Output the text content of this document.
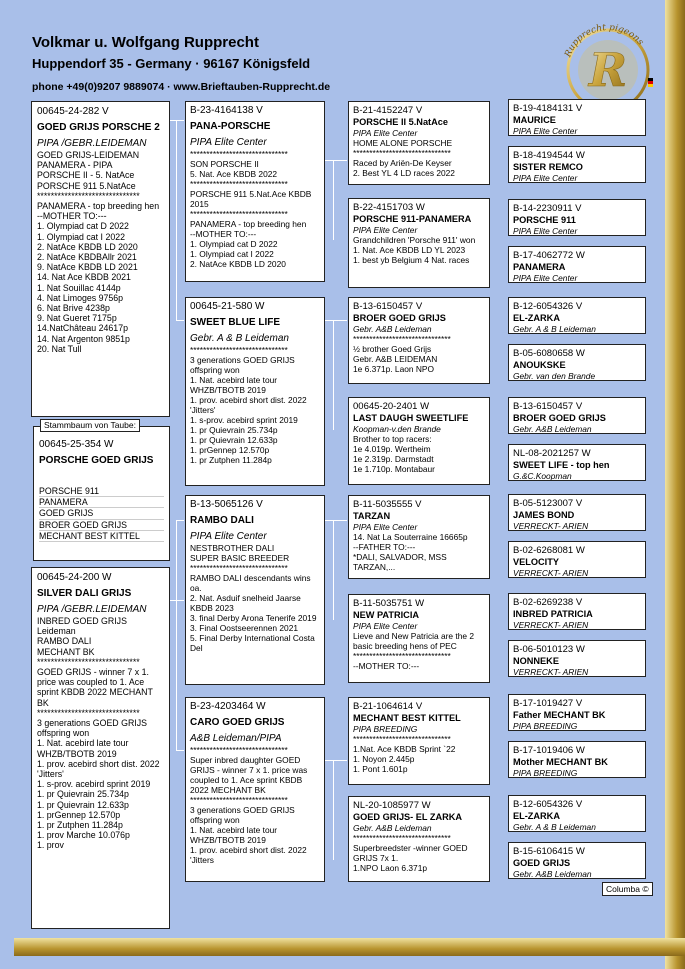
Volkmar u. Wolfgang Rupprecht
Huppendorf 35 - Germany · 96167 Königsfeld
phone +49(0)9207 9889074 · www.Brieftauben-Rupprecht.de
Rupprecht pigeons
R
00645-24-282 V
GOED GRIJS PORSCHE 2
PIPA /GEBR.LEIDEMAN
GOED GRIJS-LEIDEMAN
PANAMERA - PIPA
PORSCHE II - 5. NatAce
PORSCHE 911 5.NatAce
******************************
PANAMERA - top breeding hen
--MOTHER TO:---
1. Olympiad cat D 2022
1. Olympiad cat I 2022
2. NatAce KBDB LD 2020
2. NatAce KBDBAllr 2021
9. NatAce KBDB LD 2021
14. Nat Ace KBDB 2021
1. Nat Souillac 4144p
4. Nat Limoges 9756p
6. Nat Brive 4238p
9. Nat Gueret 7175p
14.NatChâteau 24617p
14. Nat Argenton 9851p
20. Nat Tull
00645-25-354 W
PORSCHE GOED GRIJS
PORSCHE 911
PANAMERA
GOED GRIJS
BROER GOED GRIJS
MECHANT BEST KITTEL
Stammbaum von Taube:
00645-24-200 W
SILVER DALI GRIJS
PIPA /GEBR.LEIDEMAN
INBRED GOED GRIJS
Leideman
RAMBO DALI
MECHANT BK
******************************
GOED GRIJS - winner 7 x 1. price was coupled to 1. Ace sprint KBDB 2022 MECHANT BK
******************************
3 generations GOED GRIJS offspring won
1. Nat. acebird late tour WHZB/TBOTB 2019
1. prov. acebird short dist. 2022 'Jitters'
1. s-prov. acebird sprint 2019
1. pr Quievrain 25.734p
1. pr Quievrain 12.633p
1. prGennep 12.570p
1. pr Zutphen 11.284p
1. prov Marche 10.076p
1. prov
B-23-4164138 V
PANA-PORSCHE
PIPA Elite Center
******************************
SON PORSCHE II
5. Nat. Ace KBDB 2022
******************************
PORSCHE 911 5.Nat.Ace KBDB 2015
******************************
PANAMERA - top breeding hen
--MOTHER TO:---
1. Olympiad cat D 2022
1. Olympiad cat I 2022
2. NatAce KBDB LD 2020
00645-21-580 W
SWEET BLUE LIFE
Gebr. A & B Leideman
******************************
3 generations GOED GRIJS offspring won
1. Nat. acebird late tour WHZB/TBOTB 2019
1. prov. acebird short dist. 2022 'Jitters'
1. s-prov. acebird sprint 2019
1. pr Quievrain 25.734p
1. pr Quievrain 12.633p
1. prGennep 12.570p
1. pr Zutphen 11.284p
B-13-5065126 V
RAMBO DALI
PIPA Elite Center
NESTBROTHER DALI
SUPER BASIC BREEDER
******************************
RAMBO DALI descendants wins oa.
2. Nat. Asduif snelheid Jaarse KBDB 2023
3. final Derby Arona Tenerife 2019
3. Final Oostseerennen 2021
5. Final Derby International Costa Del
B-23-4203464 W
CARO GOED GRIJS
A&B Leideman/PIPA
******************************
Super inbred daughter GOED GRIJS - winner 7 x 1. price was coupled to 1. Ace sprint KBDB 2022 MECHANT BK
******************************
3 generations GOED GRIJS offspring won
1. Nat. acebird late tour WHZB/TBOTB 2019
1. prov. acebird short dist. 2022 'Jitters
B-21-4152247 V
PORSCHE II 5.NatAce
PIPA Elite Center
HOME ALONE PORSCHE
******************************
Raced by Ariën-De Keyser
2. Best YL 4 LD races 2022
B-22-4151703 W
PORSCHE 911-PANAMERA
PIPA Elite Center
Grandchildren 'Porsche 911' won
1. Nat. Ace KBDB LD YL 2023
1. best yb Belgium 4 Nat. races
B-13-6150457 V
BROER GOED GRIJS
Gebr. A&B Leideman
******************************
½ brother Goed Grijs
Gebr. A&B LEIDEMAN
1e 6.371p. Laon NPO
00645-20-2401 W
LAST DAUGH SWEETLIFE
Koopman-v.den Brande
Brother to top racers:
1e 4.019p. Wertheim
1e 2.319p. Darmstadt
1e 1.710p. Montabaur
B-11-5035555 V
TARZAN
PIPA Elite Center
14. Nat La Souterraine 16665p
--FATHER TO:---
*DALI, SALVADOR, MSS TARZAN,...
B-11-5035751 W
NEW PATRICIA
PIPA Elite Center
Lieve and New Patricia are the 2 basic breeding hens of PEC
******************************
--MOTHER TO:---
B-21-1064614 V
MECHANT BEST KITTEL
PIPA BREEDING
******************************
1.Nat. Ace KBDB Sprint `22
1. Noyon 2.445p
1. Pont 1.601p
NL-20-1085977 W
GOED GRIJS- EL ZARKA
Gebr. A&B Leideman
******************************
Superbreedster -winner GOED GRIJS 7x 1.
1.NPO Laon 6.371p
B-19-4184131 V
MAURICE
PIPA Elite Center
B-18-4194544 W
SISTER REMCO
PIPA Elite Center
B-14-2230911 V
PORSCHE 911
PIPA Elite Center
B-17-4062772 W
PANAMERA
PIPA Elite Center
B-12-6054326 V
EL-ZARKA
Gebr. A & B Leideman
B-05-6080658 W
ANOUKSKE
Gebr. van den Brande
B-13-6150457 V
BROER GOED GRIJS
Gebr. A&B Leideman
NL-08-2021257 W
SWEET LIFE - top hen
G.&C.Koopman
B-05-5123007 V
JAMES BOND
VERRECKT- ARIEN
B-02-6268081 W
VELOCITY
VERRECKT- ARIEN
B-02-6269238 V
INBRED PATRICIA
VERRECKT- ARIEN
B-06-5010123 W
NONNEKE
VERRECKT- ARIEN
B-17-1019427 V
Father MECHANT BK
PIPA BREEDING
B-17-1019406 W
Mother MECHANT BK
PIPA BREEDING
B-12-6054326 V
EL-ZARKA
Gebr. A & B Leideman
B-15-6106415 W
GOED GRIJS
Gebr. A&B Leideman
Columba ©
